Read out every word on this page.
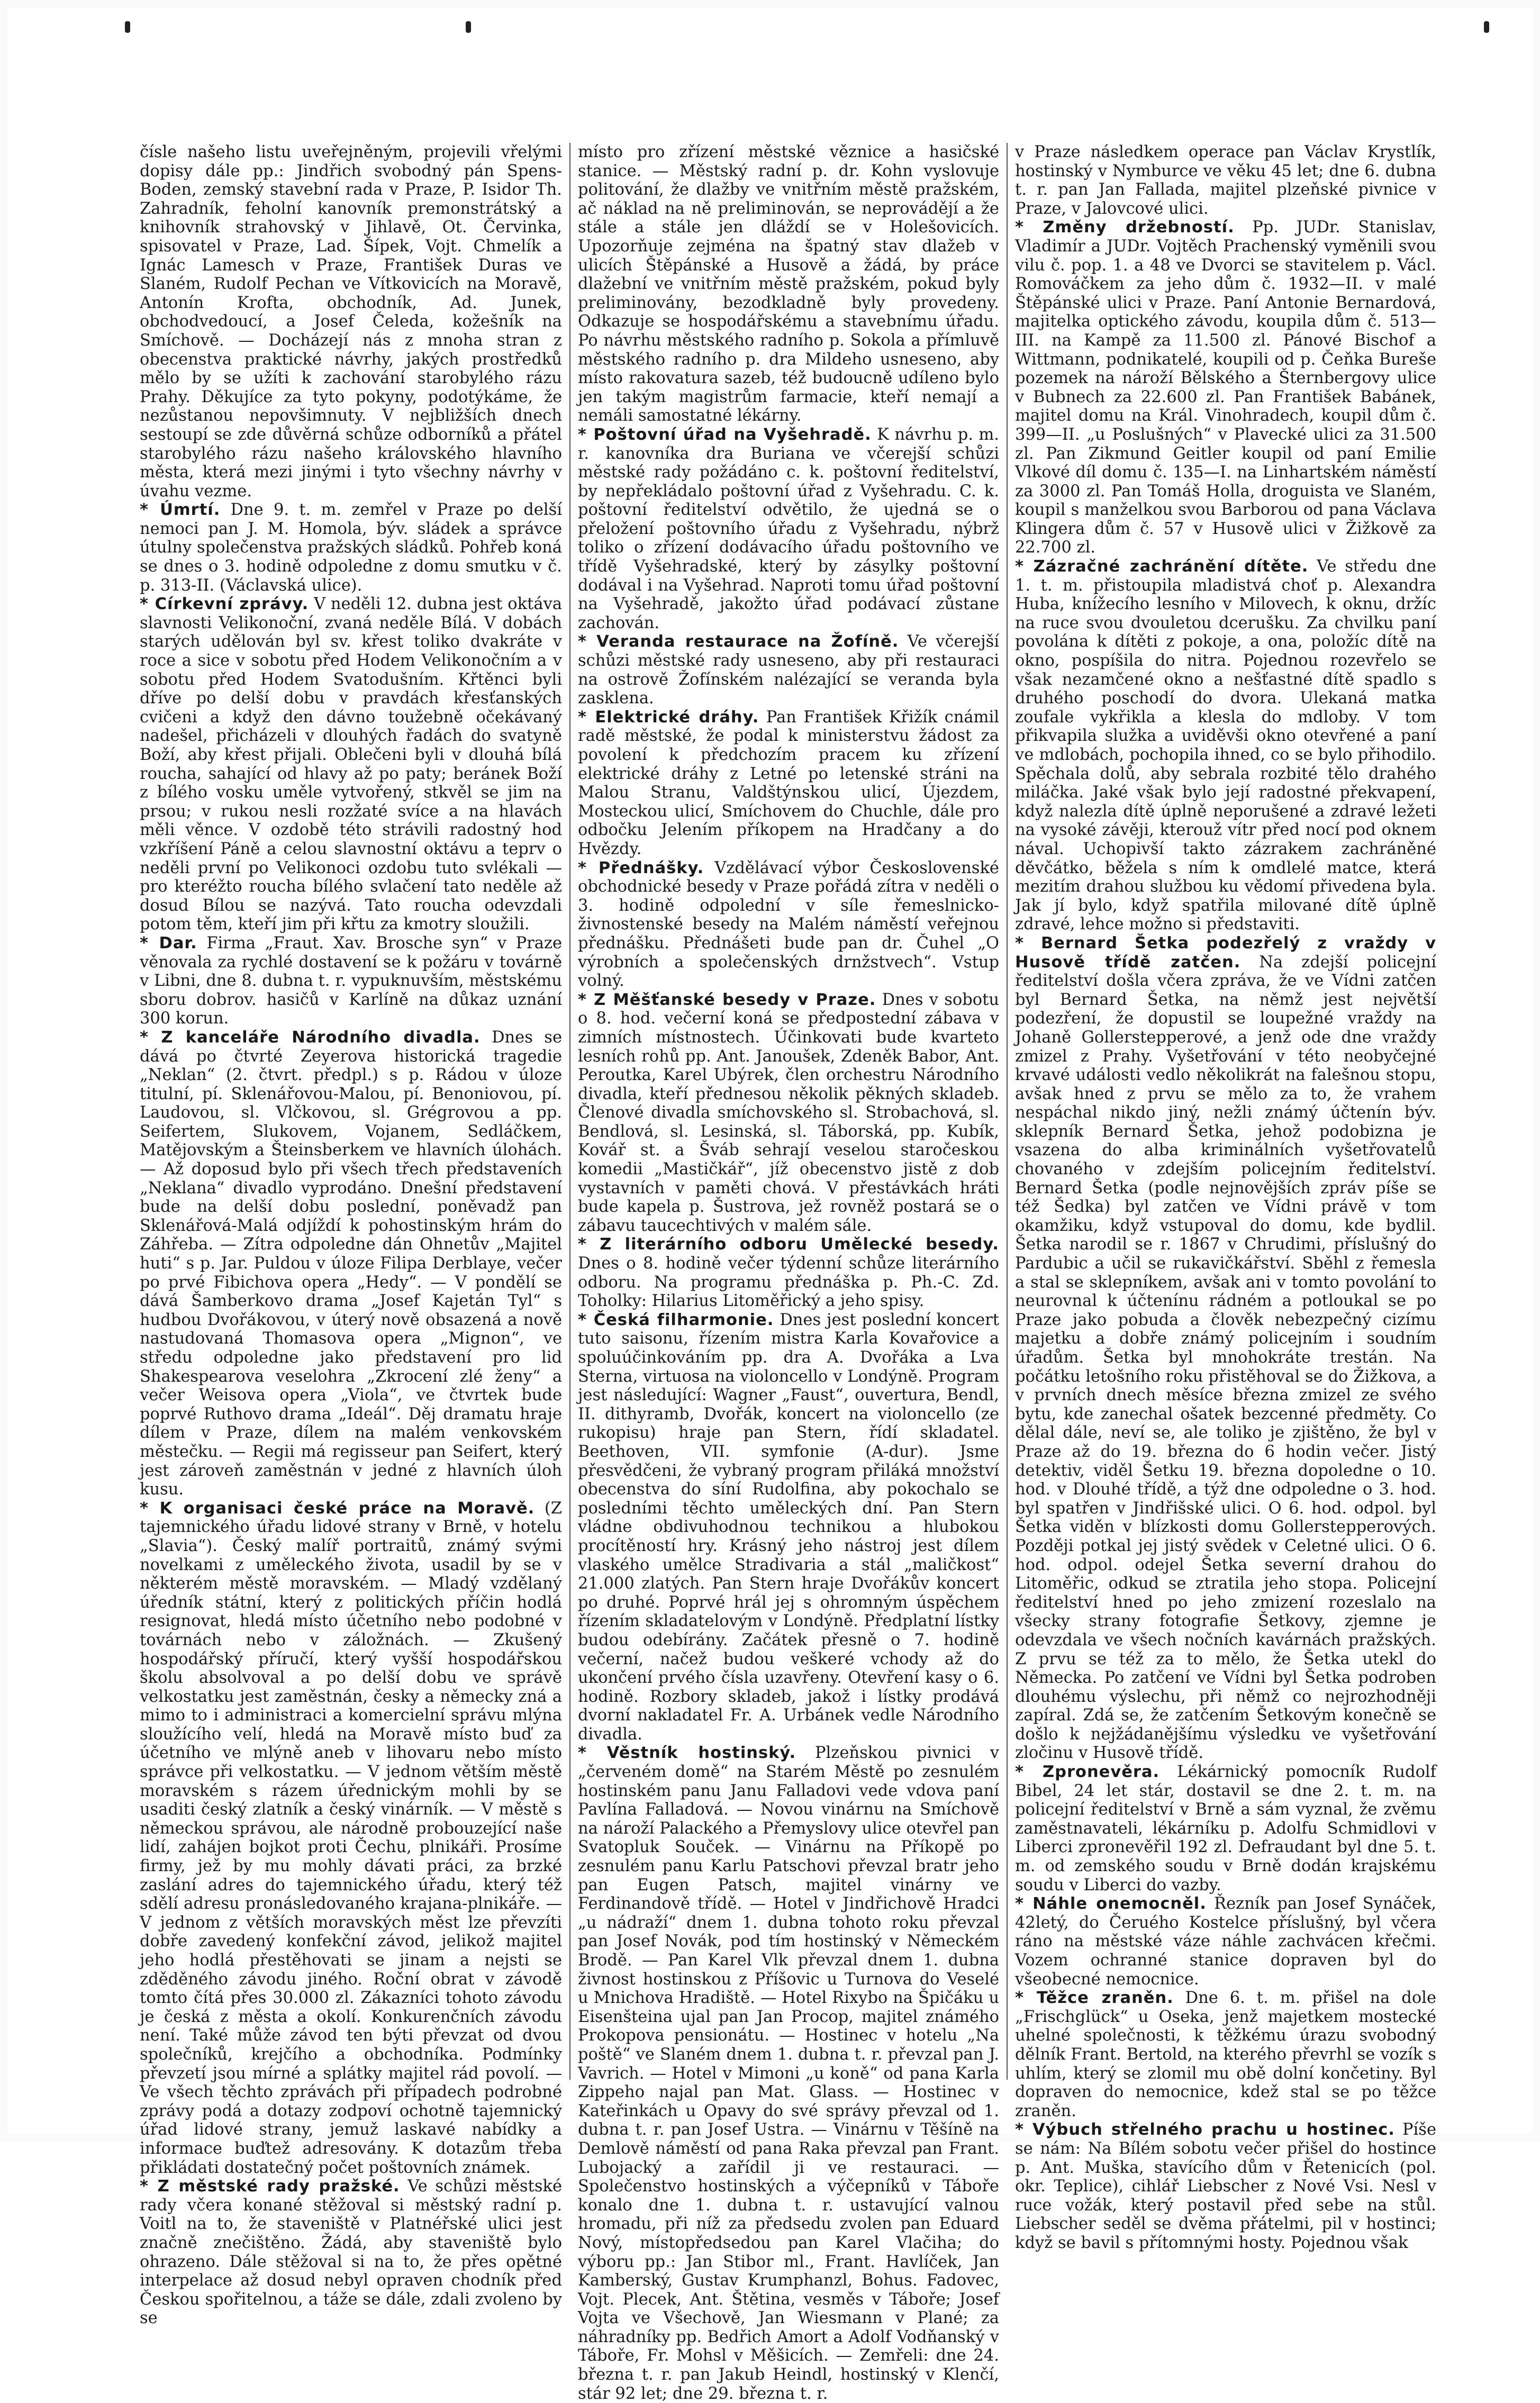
čísle našeho listu uveřejněným, projevili vřelými dopisy dále pp.: Jindřich svobodný pán Spens-Boden, zemský stavební rada v Praze, P. Isidor Th. Zahradník, feholní kanovník premonstrátský a knihovník strahovský v Jihlavě, Ot. Červinka, spisovatel v Praze, Lad. Šípek, Vojt. Chmelík a Ignác Lamesch v Praze, František Duras ve Slaném, Rudolf Pechan ve Vítkovicích na Moravě, Antonín Krofta, obchodník, Ad. Junek, obchodvedoucí, a Josef Čeleda, kožešník na Smíchově. — Docházejí nás z mnoha stran z obecenstva praktické návrhy, jakých prostředků mělo by se užíti k zachování starobylého rázu Prahy. Děkujíce za tyto pokyny, podotýkáme, že nezůstanou nepovšimnuty. V nejbližších dnech sestoupí se zde důvěrná schůze odborníků a přátel starobylého rázu našeho královského hlavního města, která mezi jinými i tyto všechny návrhy v úvahu vezme.

* Úmrtí. Dne 9. t. m. zemřel v Praze po delší nemoci pan J. M. Homola, býv. sládek a správce útulny společenstva pražských sládků. Pohřeb koná se dnes o 3. hodině odpoledne z domu smutku v č. p. 313-II. (Václavská ulice).

* Církevní zprávy. V neděli 12. dubna jest oktáva slavnosti Velikonoční, zvaná neděle Bílá. V dobách starých udělován byl sv. křest toliko dvakráte v roce a sice v sobotu před Hodem Velikonočním a v sobotu před Hodem Svatodušním. Křtěnci byli dříve po delší dobu v pravdách křesťanských cvičeni a když den dávno toužebně očekávaný nadešel, přicházeli v dlouhých řadách do svatyně Boží, aby křest přijali. Oblečeni byli v dlouhá bílá roucha, sahající od hlavy až po paty; beránek Boží z bílého vosku uměle vytvořený, stkvěl se jim na prsou; v rukou nesli rozžaté svíce a na hlavách měli věnce. V ozdobě této strávili radostný hod vzkříšení Páně a celou slavnostní oktávu a teprv o neděli první po Velikonoci ozdobu tuto svlékali — pro kteréžto roucha bílého svlačení tato neděle až dosud Bílou se nazývá. Tato roucha odevzdali potom těm, kteří jim při křtu za kmotry sloužili.

* Dar. Firma „Fraut. Xav. Brosche syn“ v Praze věnovala za rychlé dostavení se k požáru v továrně v Libni, dne 8. dubna t. r. vypuknuvším, městskému sboru dobrov. hasičů v Karlíně na důkaz uznání 300 korun.

* Z kanceláře Národního divadla. Dnes se dává po čtvrté Zeyerova historická tragedie „Neklan“ (2. čtvrt. předpl.) s p. Rádou v úloze titulní, pí. Sklenářovou-Malou, pí. Benoniovou, pí. Laudovou, sl. Vlčkovou, sl. Grégrovou a pp. Seifertem, Slukovem, Vojanem, Sedláčkem, Matějovským a Šteinsberkem ve hlavních úlohách. — Až doposud bylo při všech třech představeních „Neklana“ divadlo vyprodáno. Dnešní představení bude na delší dobu poslední, poněvadž pan Sklenářová-Malá odjíždí k pohostinským hrám do Záhřeba. — Zítra odpoledne dán Ohnetův „Majitel huti“ s p. Jar. Puldou v úloze Filipa Derblaye, večer po prvé Fibichova opera „Hedy“. — V pondělí se dává Šamberkovo drama „Josef Kajetán Tyl“ s hudbou Dvořákovou, v úterý nově obsazená a nově nastudovaná Thomasova opera „Mignon“, ve středu odpoledne jako představení pro lid Shakespearova veselohra „Zkrocení zlé ženy“ a večer Weisova opera „Viola“, ve čtvrtek bude poprvé Ruthovo drama „Ideál“. Děj dramatu hraje dílem v Praze, dílem na malém venkovském městečku. — Regii má regisseur pan Seifert, který jest zároveň zaměstnán v jedné z hlavních úloh kusu.

* K organisaci české práce na Moravě. (Z tajemnického úřadu lidové strany v Brně, v hotelu „Slavia“). Český malíř portraitů, známý svými novelkami z uměleckého života, usadil by se v některém městě moravském. — Mladý vzdělaný úředník státní, který z politických příčin hodlá resignovat, hledá místo účetního nebo podobné v továrnách nebo v záložnách. — Zkušený hospodářský příručí, který vyšší hospodářskou školu absolvoval a po delší dobu ve správě velkostatku jest zaměstnán, česky a německy zná a mimo to i administraci a komercielní správu mlýna sloužícího velí, hledá na Moravě místo buď za účetního ve mlýně aneb v lihovaru nebo místo správce při velkostatku. — V jednom větším městě moravském s rázem úřednickým mohli by se usaditi český zlatník a český vinárník. — V městě s německou správou, ale národně probouzející naše lidí, zahájen bojkot proti Čechu, plnikáři. Prosíme firmy, jež by mu mohly dávati práci, za brzké zaslání adres do tajemnického úřadu, který též sdělí adresu pronásledovaného krajana-plnikáře. — V jednom z větších moravských měst lze převzíti dobře zavedený konfekční závod, jelikož majitel jeho hodlá přestěhovati se jinam a nejsti se zděděného závodu jiného. Roční obrat v závodě tomto čítá přes 30.000 zl. Zákazníci tohoto závodu je česká z města a okolí. Konkurenčních závodu není. Také může závod ten býti převzat od dvou společníků, krejčího a obchodníka. Podmínky převzetí jsou mírné a splátky majitel rád povolí. — Ve všech těchto zprávách při případech podrobné zprávy podá a dotazy zodpoví ochotně tajemnický úřad lidové strany, jemuž laskavé nabídky a informace buďtež adresovány. K dotazům třeba přikládati dostatečný počet poštovních známek.

* Z městské rady pražské. Ve schůzi městské rady včera konané stěžoval si městský radní p. Voitl na to, že staveniště v Platnéřské ulici jest značně znečištěno. Žádá, aby staveniště bylo ohrazeno. Dále stěžoval si na to, že přes opětné interpelace až dosud nebyl opraven chodník před Českou spořitelnou, a táže se dále, zdali zvoleno by se

místo pro zřízení městské věznice a hasičské stanice. — Městský radní p. dr. Kohn vyslovuje politování, že dlažby ve vnitřním městě pražském, ač náklad na ně preliminován, se neprovádějí a že stále a stále jen dláždí se v Holešovicích. Upozorňuje zejména na špatný stav dlažeb v ulicích Štěpánské a Husově a žádá, by práce dlažební ve vnitřním městě pražském, pokud byly preliminovány, bezodkladně byly provedeny. Odkazuje se hospodářskému a stavebnímu úřadu. Po návrhu městského radního p. Sokola a přímluvě městského radního p. dra Mildeho usneseno, aby místo rakovatura sazeb, též budoucně udíleno bylo jen takým magistrům farmacie, kteří nemají a nemáli samostatné lékárny.

* Poštovní úřad na Vyšehradě. K návrhu p. m. r. kanovníka dra Buriana ve včerejší schůzi městské rady požádáno c. k. poštovní ředitelství, by nepřekládalo poštovní úřad z Vyšehradu. C. k. poštovní ředitelství odvětilo, že ujedná se o přeložení poštovního úřadu z Vyšehradu, nýbrž toliko o zřízení dodávacího úřadu poštovního ve třídě Vyšehradské, který by zásylky poštovní dodával i na Vyšehrad. Naproti tomu úřad poštovní na Vyšehradě, jakožto úřad podávací zůstane zachován.

* Veranda restaurace na Žofíně. Ve včerejší schůzi městské rady usneseno, aby při restauraci na ostrově Žofínském nalézající se veranda byla zasklena.

* Elektrické dráhy. Pan František Křižík cnámil radě městské, že podal k ministerstvu žádost za povolení k předchozím pracem ku zřízení elektrické dráhy z Letné po letenské stráni na Malou Stranu, Valdštýnskou ulicí, Újezdem, Mosteckou ulicí, Smíchovem do Chuchle, dále pro odbočku Jelením příkopem na Hradčany a do Hvězdy.

* Přednášky. Vzdělávací výbor Československé obchodnické besedy v Praze pořádá zítra v neděli o 3. hodině odpolední v síle řemeslnicko-živnostenské besedy na Malém náměstí veřejnou přednášku. Přednášeti bude pan dr. Čuhel „O výrobních a společenských drnžstvech“. Vstup volný.

* Z Měšťanské besedy v Praze. Dnes v sobotu o 8. hod. večerní koná se předpostední zábava v zimních místnostech. Účinkovati bude kvarteto lesních rohů pp. Ant. Janoušek, Zdeněk Babor, Ant. Peroutka, Karel Ubýrek, člen orchestru Národního divadla, kteří přednesou několik pěkných skladeb. Členové divadla smíchovského sl. Strobachová, sl. Bendlová, sl. Lesinská, sl. Táborská, pp. Kubík, Kovář st. a Šváb sehrají veselou staročeskou komedii „Mastičkář“, jíž obecenstvo jistě z dob vystavních v paměti chová. V přestávkách hráti bude kapela p. Šustrova, jež rovněž postará se o zábavu taucechtivých v malém sále.

* Z literárního odboru Umělecké besedy. Dnes o 8. hodině večer týdenní schůze literárního odboru. Na programu přednáška p. Ph.-C. Zd. Toholky: Hilarius Litoměřický a jeho spisy.

* Česká filharmonie. Dnes jest poslední koncert tuto saisonu, řízením mistra Karla Kovařovice a spoluúčinkováním pp. dra A. Dvořáka a Lva Sterna, virtuosa na violoncello v Londýně. Program jest následující: Wagner „Faust“, ouvertura, Bendl, II. dithyramb, Dvořák, koncert na violoncello (ze rukopisu) hraje pan Stern, řídí skladatel. Beethoven, VII. symfonie (A-dur). Jsme přesvědčeni, že vybraný program přiláká množství obecenstva do síní Rudolfina, aby pokochalo se posledními těchto uměleckých dní. Pan Stern vládne obdivuhodnou technikou a hlubokou procítěností hry. Krásný jeho nástroj jest dílem vlaského umělce Stradivaria a stál „maličkost“ 21.000 zlatých. Pan Stern hraje Dvořákův koncert po druhé. Poprvé hrál jej s ohromným úspěchem řízením skladatelovým v Londýně. Předplatní lístky budou odebírány. Začátek přesně o 7. hodině večerní, načež budou veškeré vchody až do ukončení prvého čísla uzavřeny. Otevření kasy o 6. hodině. Rozbory skladeb, jakož i lístky prodává dvorní nakladatel Fr. A. Urbánek vedle Národního divadla.

* Věstník hostinský. Plzeňskou pivnici v „červeném domě“ na Starém Městě po zesnulém hostinském panu Janu Falladovi vede vdova paní Pavlína Falladová. — Novou vinárnu na Smíchově na nároží Palackého a Přemyslovy ulice otevřel pan Svatopluk Souček. — Vinárnu na Příkopě po zesnulém panu Karlu Patschovi převzal bratr jeho pan Eugen Patsch, majitel vinárny ve Ferdinandově třídě. — Hotel v Jindřichově Hradci „u nádraží“ dnem 1. dubna tohoto roku převzal pan Josef Novák, pod tím hostinský v Německém Brodě. — Pan Karel Vlk převzal dnem 1. dubna živnost hostinskou z Příšovic u Turnova do Veselé u Mnichova Hradiště. — Hotel Rixybo na Špičáku u Eisenšteina ujal pan Jan Procop, majitel známého Prokopova pensionátu. — Hostinec v hotelu „Na poště“ ve Slaném dnem 1. dubna t. r. převzal pan J. Vavrich. — Hotel v Mimoni „u koně“ od pana Karla Zippeho najal pan Mat. Glass. — Hostinec v Kateřinkách u Opavy do své správy převzal od 1. dubna t. r. pan Josef Ustra. — Vinárnu v Těšíně na Demlově náměstí od pana Raka převzal pan Frant. Lubojacký a zařídil ji ve restauraci. — Společenstvo hostinských a výčepníků v Táboře konalo dne 1. dubna t. r. ustavující valnou hromadu, při níž za předsedu zvolen pan Eduard Nový, místopředsedou pan Karel Vlačiha; do výboru pp.: Jan Stibor ml., Frant. Havlíček, Jan Kamberský, Gustav Krumphanzl, Bohus. Fadovec, Vojt. Plecek, Ant. Štětina, vesměs v Táboře; Josef Vojta ve Všechově, Jan Wiesmann v Plané; za náhradníky pp. Bedřich Amort a Adolf Vodňanský v Táboře, Fr. Mohsl v Měšicích. — Zemřeli: dne 24. března t. r. pan Jakub Heindl, hostinský v Klenčí, stár 92 let; dne 29. března t. r.

v Praze následkem operace pan Václav Krystlík, hostinský v Nymburce ve věku 45 let; dne 6. dubna t. r. pan Jan Fallada, majitel plzeňské pivnice v Praze, v Jalovcové ulici.

* Změny držebností. Pp. JUDr. Stanislav, Vladimír a JUDr. Vojtěch Prachenský vyměnili svou vilu č. pop. 1. a 48 ve Dvorci se stavitelem p. Václ. Romováčkem za jeho dům č. 1932—II. v malé Štěpánské ulici v Praze. Paní Antonie Bernardová, majitelka optického závodu, koupila dům č. 513—III. na Kampě za 11.500 zl. Pánové Bischof a Wittmann, podnikatelé, koupili od p. Čeňka Bureše pozemek na nároží Bělského a Šternbergovy ulice v Bubnech za 22.600 zl. Pan František Babánek, majitel domu na Král. Vinohradech, koupil dům č. 399—II. „u Poslušných“ v Plavecké ulici za 31.500 zl. Pan Zikmund Geitler koupil od paní Emilie Vlkové díl domu č. 135—I. na Linhartském náměstí za 3000 zl. Pan Tomáš Holla, droguista ve Slaném, koupil s manželkou svou Barborou od pana Václava Klingera dům č. 57 v Husově ulici v Žižkově za 22.700 zl.

* Zázračné zachránění dítěte. Ve středu dne 1. t. m. přistoupila mladistvá choť p. Alexandra Huba, knížecího lesního v Milovech, k oknu, držíc na ruce svou dvouletou dcerušku. Za chvilku paní povolána k dítěti z pokoje, a ona, položíc dítě na okno, pospíšila do nitra. Pojednou rozevřelo se však nezamčené okno a nešťastné dítě spadlo s druhého poschodí do dvora. Ulekaná matka zoufale vykřikla a klesla do mdloby. V tom přikvapila služka a uviděvši okno otevřené a paní ve mdlobách, pochopila ihned, co se bylo přihodilo. Spěchala dolů, aby sebrala rozbité tělo drahého miláčka. Jaké však bylo její radostné překvapení, když nalezla dítě úplně neporušené a zdravé ležeti na vysoké závěji, kterouž vítr před nocí pod oknem nával. Uchopivší takto zázrakem zachráněné děvčátko, běžela s ním k omdlelé matce, která mezitím drahou službou ku vědomí přivedena byla. Jak jí bylo, když spatřila milované dítě úplně zdravé, lehce možno si představiti.

* Bernard Šetka podezřelý z vraždy v Husově třídě zatčen. Na zdejší policejní ředitelství došla včera zpráva, že ve Vídni zatčen byl Bernard Šetka, na němž jest největší podezření, že dopustil se loupežné vraždy na Johaně Gollerstepperové, a jenž ode dne vraždy zmizel z Prahy. Vyšetřování v této neobyčejné krvavé události vedlo několikrát na falešnou stopu, avšak hned z prvu se mělo za to, že vrahem nespáchal nikdo jiný, nežli známý účtenín býv. sklepník Bernard Šetka, jehož podobizna je vsazena do alba kriminálních vyšetřovatelů chovaného v zdejším policejním ředitelství. Bernard Šetka (podle nejnovějších zpráv píše se též Šedka) byl zatčen ve Vídni právě v tom okamžiku, když vstupoval do domu, kde bydlil. Šetka narodil se r. 1867 v Chrudimi, příslušný do Pardubic a učil se rukavičkářství. Sběhl z řemesla a stal se sklepníkem, avšak ani v tomto povolání to neurovnal k účtenínu rádném a potloukal se po Praze jako pobuda a člověk nebezpečný cizímu majetku a dobře známý policejním i soudním úřadům. Šetka byl mnohokráte trestán. Na počátku letošního roku přistěhoval se do Žižkova, a v prvních dnech měsíce března zmizel ze svého bytu, kde zanechal ošatek bezcenné předměty. Co dělal dále, neví se, ale toliko je zjištěno, že byl v Praze až do 19. března do 6 hodin večer. Jistý detektiv, viděl Šetku 19. března dopoledne o 10. hod. v Dlouhé třídě, a týž dne odpoledne o 3. hod. byl spatřen v Jindřišské ulici. O 6. hod. odpol. byl Šetka viděn v blízkosti domu Gollerstepperových. Později potkal jej jistý svědek v Celetné ulici. O 6. hod. odpol. odejel Šetka severní drahou do Litoměřic, odkud se ztratila jeho stopa. Policejní ředitelství hned po jeho zmizení rozeslalo na všecky strany fotografie Šetkovy, zjemne je odevzdala ve všech nočních kavárnách pražských. Z prvu se též za to mělo, že Šetka utekl do Německa. Po zatčení ve Vídni byl Šetka podroben dlouhému výslechu, při němž co nejrozhodněji zapíral. Zdá se, že zatčením Šetkovým konečně se došlo k nejžádanějšímu výsledku ve vyšetřování zločinu v Husově třídě.

* Zpronevěra. Lékárnický pomocník Rudolf Bibel, 24 let stár, dostavil se dne 2. t. m. na policejní ředitelství v Brně a sám vyznal, že zvěmu zaměstnavateli, lékárníku p. Adolfu Schmidlovi v Liberci zpronevěřil 192 zl. Defraudant byl dne 5. t. m. od zemského soudu v Brně dodán krajskému soudu v Liberci do vazby.

* Náhle onemocněl. Řezník pan Josef Synáček, 42letý, do Čeruého Kostelce příslušný, byl včera ráno na městské váze náhle zachvácen křečmi. Vozem ochranné stanice dopraven byl do všeobecné nemocnice.

* Těžce zraněn. Dne 6. t. m. přišel na dole „Frischglück“ u Oseka, jenž majetkem mostecké uhelné společnosti, k těžkému úrazu svobodný dělník Frant. Bertold, na kterého převrhl se vozík s uhlím, který se zlomil mu obě dolní končetiny. Byl dopraven do nemocnice, kdež stal se po těžce zraněn.

* Výbuch střelného prachu u hostinec. Píše se nám: Na Bílém sobotu večer přišel do hostince p. Ant. Muška, stavícího dům v Řetenicích (pol. okr. Teplice), cihlář Liebscher z Nové Vsi. Nesl v ruce vožák, který postavil před sebe na stůl. Liebscher seděl se dvěma přátelmi, pil v hostinci; když se bavil s přítomnými hosty. Pojednou však
